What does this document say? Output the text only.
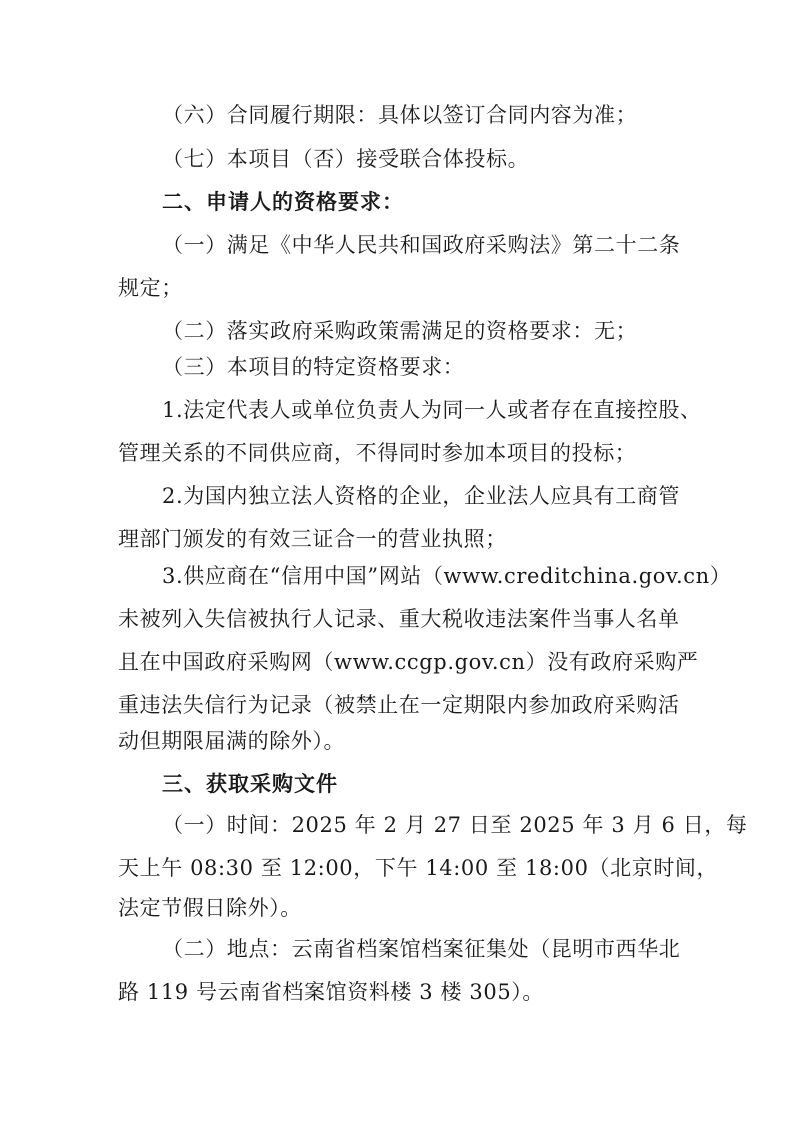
（六）合同履行期限：具体以签订合同内容为准；

（七）本项目（否）接受联合体投标。

二、申请人的资格要求：

（一）满足《中华人民共和国政府采购法》第二十二条

规定；

（二）落实政府采购政策需满足的资格要求：无；

（三）本项目的特定资格要求：

1.法定代表人或单位负责人为同一人或者存在直接控股、

管理关系的不同供应商，不得同时参加本项目的投标；

2.为国内独立法人资格的企业，企业法人应具有工商管

理部门颁发的有效三证合一的营业执照；

3.供应商在“信用中国”网站（www.creditchina.gov.cn）

未被列入失信被执行人记录、重大税收违法案件当事人名单

且在中国政府采购网（www.ccgp.gov.cn）没有政府采购严

重违法失信行为记录（被禁止在一定期限内参加政府采购活

动但期限届满的除外）。

三、获取采购文件

（一）时间：2025 年 2 月 27 日至 2025 年 3 月 6 日，每

天上午 08:30 至 12:00，下午 14:00 至 18:00（北京时间，

法定节假日除外）。

（二）地点：云南省档案馆档案征集处（昆明市西华北

路 119 号云南省档案馆资料楼 3 楼 305）。
